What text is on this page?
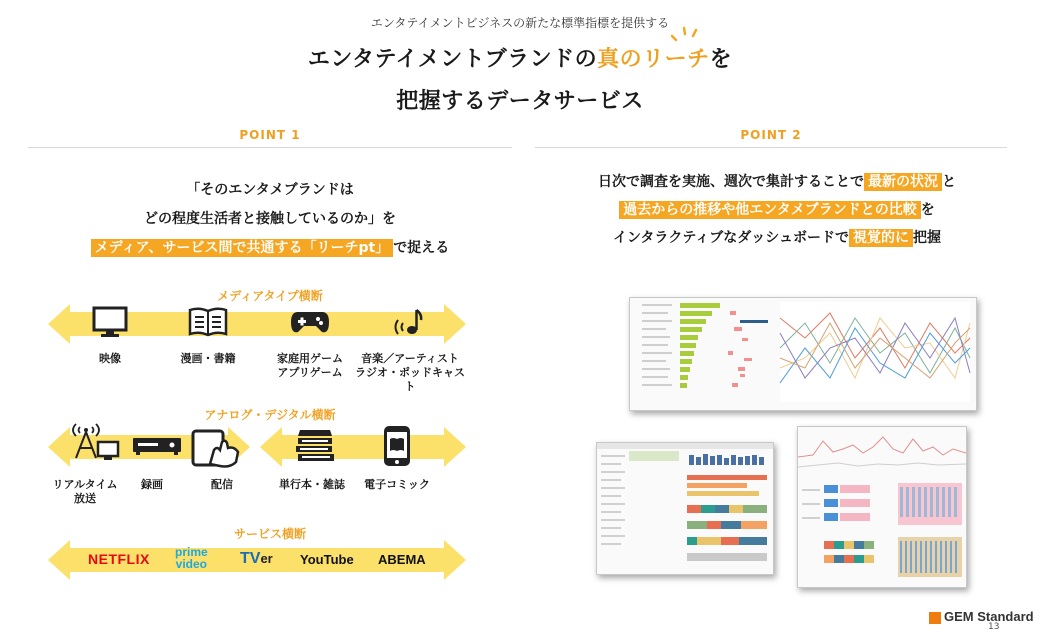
エンタテイメントビジネスの新たな標準指標を提供する
エンタテイメントブランドの真のリーチを
把握するデータサービス
POINT 1	POINT 2
「そのエンタメブランドは
どの程度生活者と接触しているのか」を
メディア、サービス間で共通する「リーチpt」 で捉える
メディアタイプ横断
映像	漫画・書籍	家庭用ゲーム
アプリゲーム
音楽／アーティスト
ラジオ・ポッドキャスト
アナログ・デジタル横断
リアルタイム
放送
録画	配信	単行本・雑誌	電子コミック
サービス横断
NETFLIX prime
video TVer YouTube ABEMA
日次で調査を実施、週次で集計することで 最新の状況 と
過去からの推移や他エンタメブランドとの比較 を
インタラクティブなダッシュボードで 視覚的に 把握
GEM Standard
13
